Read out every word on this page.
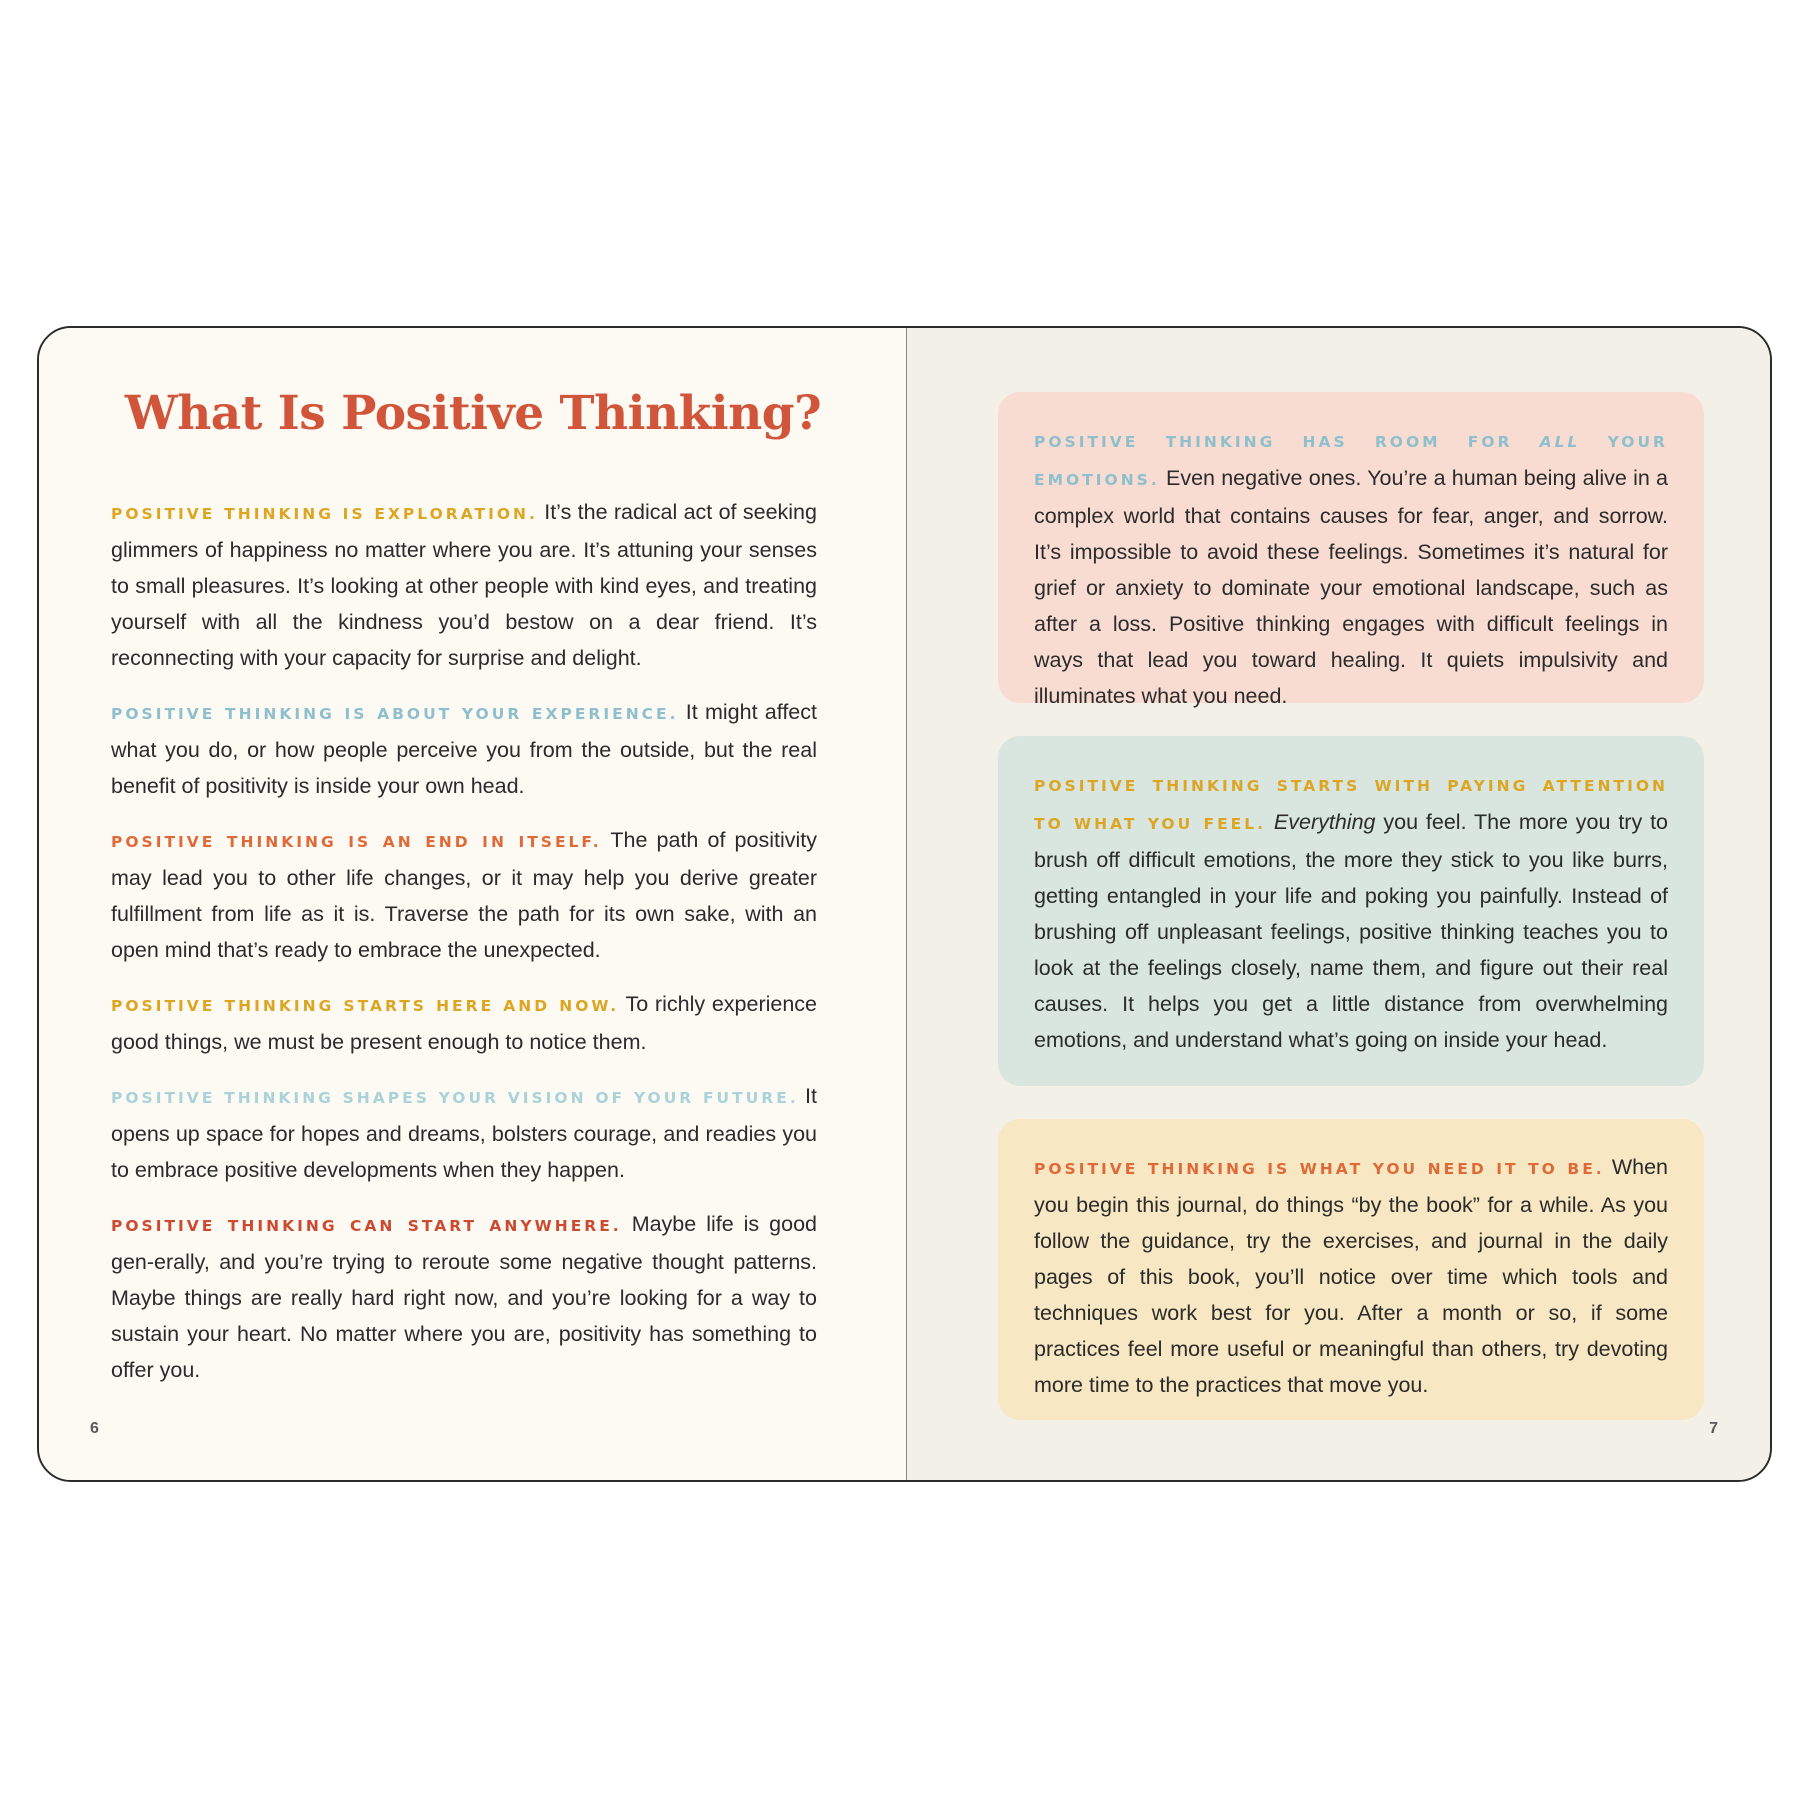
What Is Positive Thinking?

POSITIVE THINKING IS EXPLORATION. It’s the radical act of seeking glimmers of happiness no matter where you are. It’s attuning your senses to small pleasures. It’s looking at other people with kind eyes, and treating yourself with all the kindness you’d bestow on a dear friend. It’s reconnecting with your capacity for surprise and delight.

POSITIVE THINKING IS ABOUT YOUR EXPERIENCE. It might affect what you do, or how people perceive you from the outside, but the real benefit of positivity is inside your own head.

POSITIVE THINKING IS AN END IN ITSELF. The path of positivity may lead you to other life changes, or it may help you derive greater fulfillment from life as it is. Traverse the path for its own sake, with an open mind that’s ready to embrace the unexpected.

POSITIVE THINKING STARTS HERE AND NOW. To richly experience good things, we must be present enough to notice them.

POSITIVE THINKING SHAPES YOUR VISION OF YOUR FUTURE. It opens up space for hopes and dreams, bolsters courage, and readies you to embrace positive developments when they happen.

POSITIVE THINKING CAN START ANYWHERE. Maybe life is good gen-erally, and you’re trying to reroute some negative thought patterns. Maybe things are really hard right now, and you’re looking for a way to sustain your heart. No matter where you are, positivity has something to offer you.

6

POSITIVE THINKING HAS ROOM FOR ALL YOUR EMOTIONS. Even negative ones. You’re a human being alive in a complex world that contains causes for fear, anger, and sorrow. It’s impossible to avoid these feelings. Sometimes it’s natural for grief or anxiety to dominate your emotional landscape, such as after a loss. Positive thinking engages with difficult feelings in ways that lead you toward healing. It quiets impulsivity and illuminates what you need.

POSITIVE THINKING STARTS WITH PAYING ATTENTION TO WHAT YOU FEEL. Everything you feel. The more you try to brush off difficult emotions, the more they stick to you like burrs, getting entangled in your life and poking you painfully. Instead of brushing off unpleasant feelings, positive thinking teaches you to look at the feelings closely, name them, and figure out their real causes. It helps you get a little distance from overwhelming emotions, and understand what’s going on inside your head.

POSITIVE THINKING IS WHAT YOU NEED IT TO BE. When you begin this journal, do things “by the book” for a while. As you follow the guidance, try the exercises, and journal in the daily pages of this book, you’ll notice over time which tools and techniques work best for you. After a month or so, if some practices feel more useful or meaningful than others, try devoting more time to the practices that move you.

7
